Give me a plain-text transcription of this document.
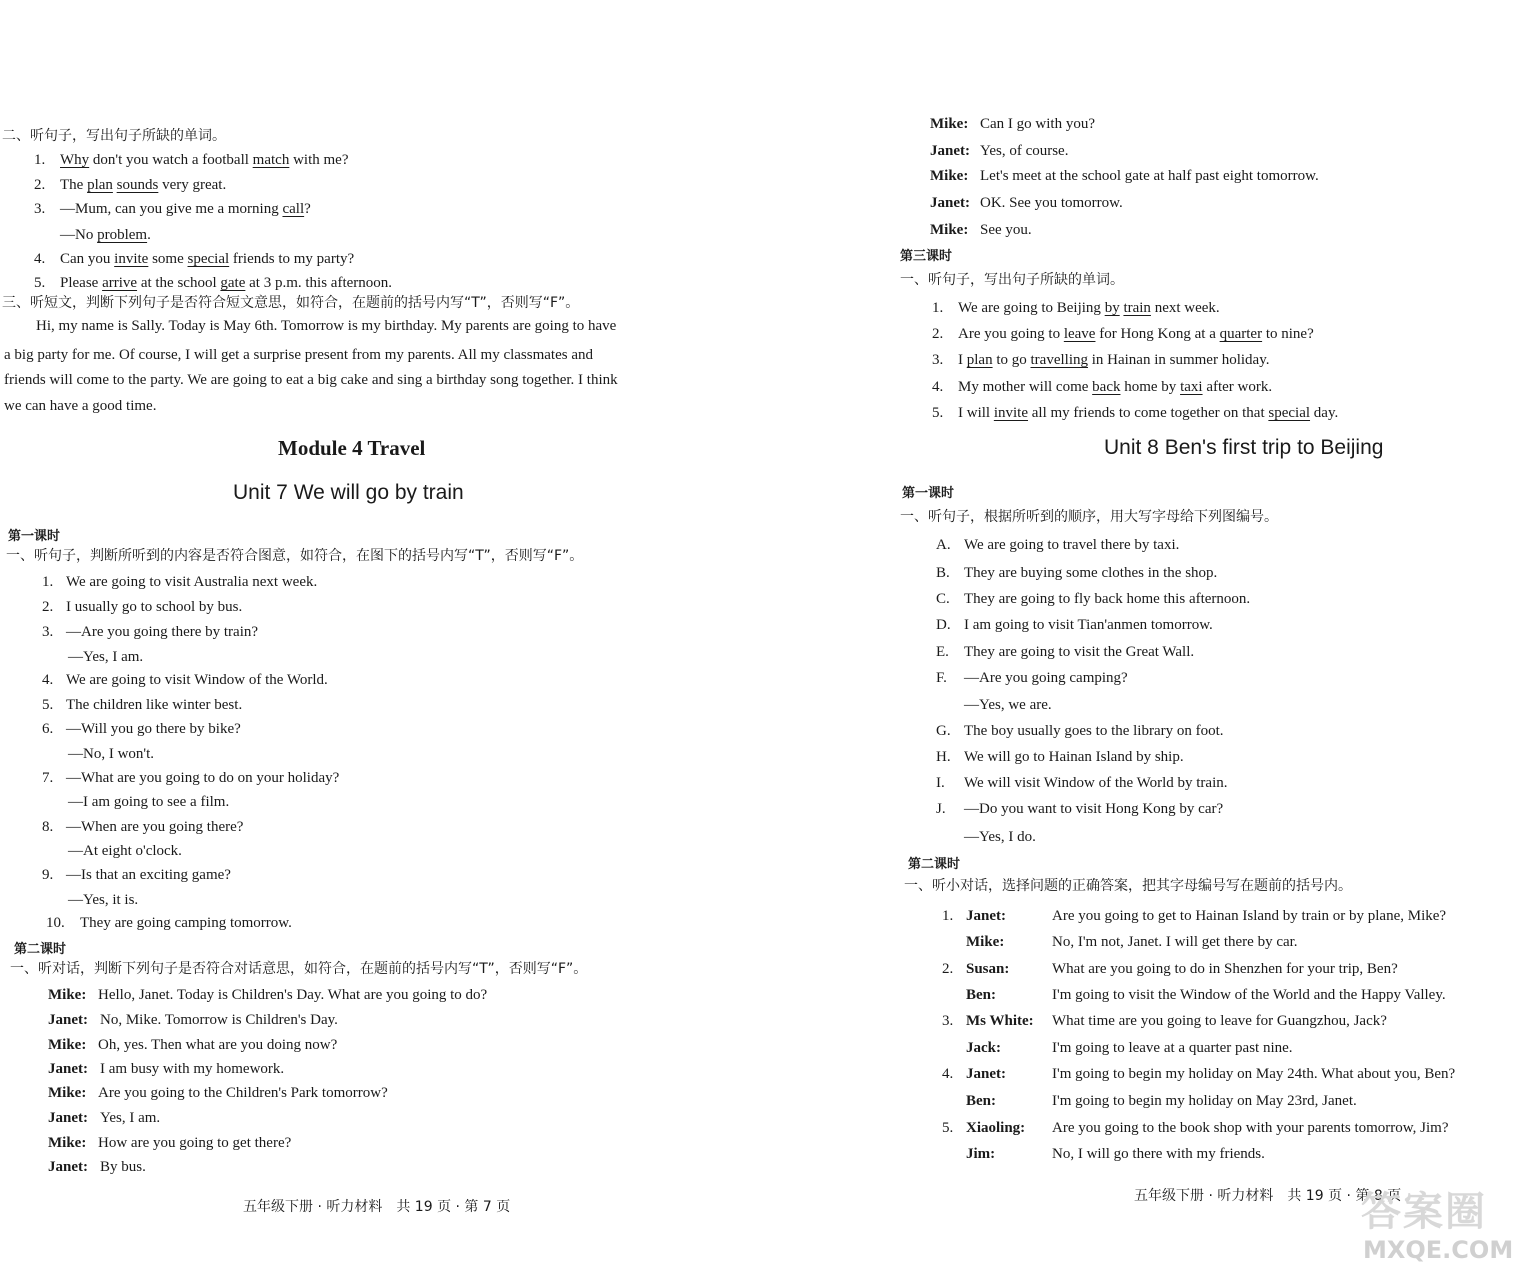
二、听句子，写出句子所缺的单词。
1. Why don't you watch a football match with me?
2. The plan sounds very great.
3. —Mum, can you give me a morning call?
—No problem.
4. Can you invite some special friends to my party?
5. Please arrive at the school gate at 3 p.m. this afternoon.
三、听短文，判断下列句子是否符合短文意思，如符合，在题前的括号内写“T”，否则写“F”。
Hi, my name is Sally. Today is May 6th. Tomorrow is my birthday. My parents are going to have
a big party for me. Of course, I will get a surprise present from my parents. All my classmates and
friends will come to the party. We are going to eat a big cake and sing a birthday song together. I think
we can have a good time.
Module 4 Travel
Unit 7 We will go by train
第一课时
一、听句子，判断所听到的内容是否符合图意，如符合，在图下的括号内写“T”，否则写“F”。
1. We are going to visit Australia next week.
2. I usually go to school by bus.
3. —Are you going there by train?
—Yes, I am.
4. We are going to visit Window of the World.
5. The children like winter best.
6. —Will you go there by bike?
—No, I won't.
7. —What are you going to do on your holiday?
—I am going to see a film.
8. —When are you going there?
—At eight o'clock.
9. —Is that an exciting game?
—Yes, it is.
10. They are going camping tomorrow.
第二课时
一、听对话，判断下列句子是否符合对话意思，如符合，在题前的括号内写“T”，否则写“F”。
Mike: Hello, Janet. Today is Children's Day. What are you going to do?
Janet: No, Mike. Tomorrow is Children's Day.
Mike: Oh, yes. Then what are you doing now?
Janet: I am busy with my homework.
Mike: Are you going to the Children's Park tomorrow?
Janet: Yes, I am.
Mike: How are you going to get there?
Janet: By bus.
五年级下册 · 听力材料　共 19 页 · 第 7 页
Mike: Can I go with you?
Janet: Yes, of course.
Mike: Let's meet at the school gate at half past eight tomorrow.
Janet: OK. See you tomorrow.
Mike: See you.
第三课时
一、听句子，写出句子所缺的单词。
1. We are going to Beijing by train next week.
2. Are you going to leave for Hong Kong at a quarter to nine?
3. I plan to go travelling in Hainan in summer holiday.
4. My mother will come back home by taxi after work.
5. I will invite all my friends to come together on that special day.
Unit 8 Ben's first trip to Beijing
第一课时
一、听句子，根据所听到的顺序，用大写字母给下列图编号。
A. We are going to travel there by taxi.
B. They are buying some clothes in the shop.
C. They are going to fly back home this afternoon.
D. I am going to visit Tian'anmen tomorrow.
E. They are going to visit the Great Wall.
F. —Are you going camping?
—Yes, we are.
G. The boy usually goes to the library on foot.
H. We will go to Hainan Island by ship.
I. We will visit Window of the World by train.
J. —Do you want to visit Hong Kong by car?
—Yes, I do.
第二课时
一、听小对话，选择问题的正确答案，把其字母编号写在题前的括号内。
1. Janet:	Are you going to get to Hainan Island by train or by plane, Mike?
Mike:	No, I'm not, Janet. I will get there by car.
2. Susan:	What are you going to do in Shenzhen for your trip, Ben?
Ben:	I'm going to visit the Window of the World and the Happy Valley.
3. Ms White: What time are you going to leave for Guangzhou, Jack?
Jack:	I'm going to leave at a quarter past nine.
4. Janet:	I'm going to begin my holiday on May 24th. What about you, Ben?
Ben:	I'm going to begin my holiday on May 23rd, Janet.
5. Xiaoling: Are you going to the book shop with your parents tomorrow, Jim?
Jim:	No, I will go there with my friends.
五年级下册 · 听力材料　共 19 页 · 第 8 页
答案圈
MXQE.COM
